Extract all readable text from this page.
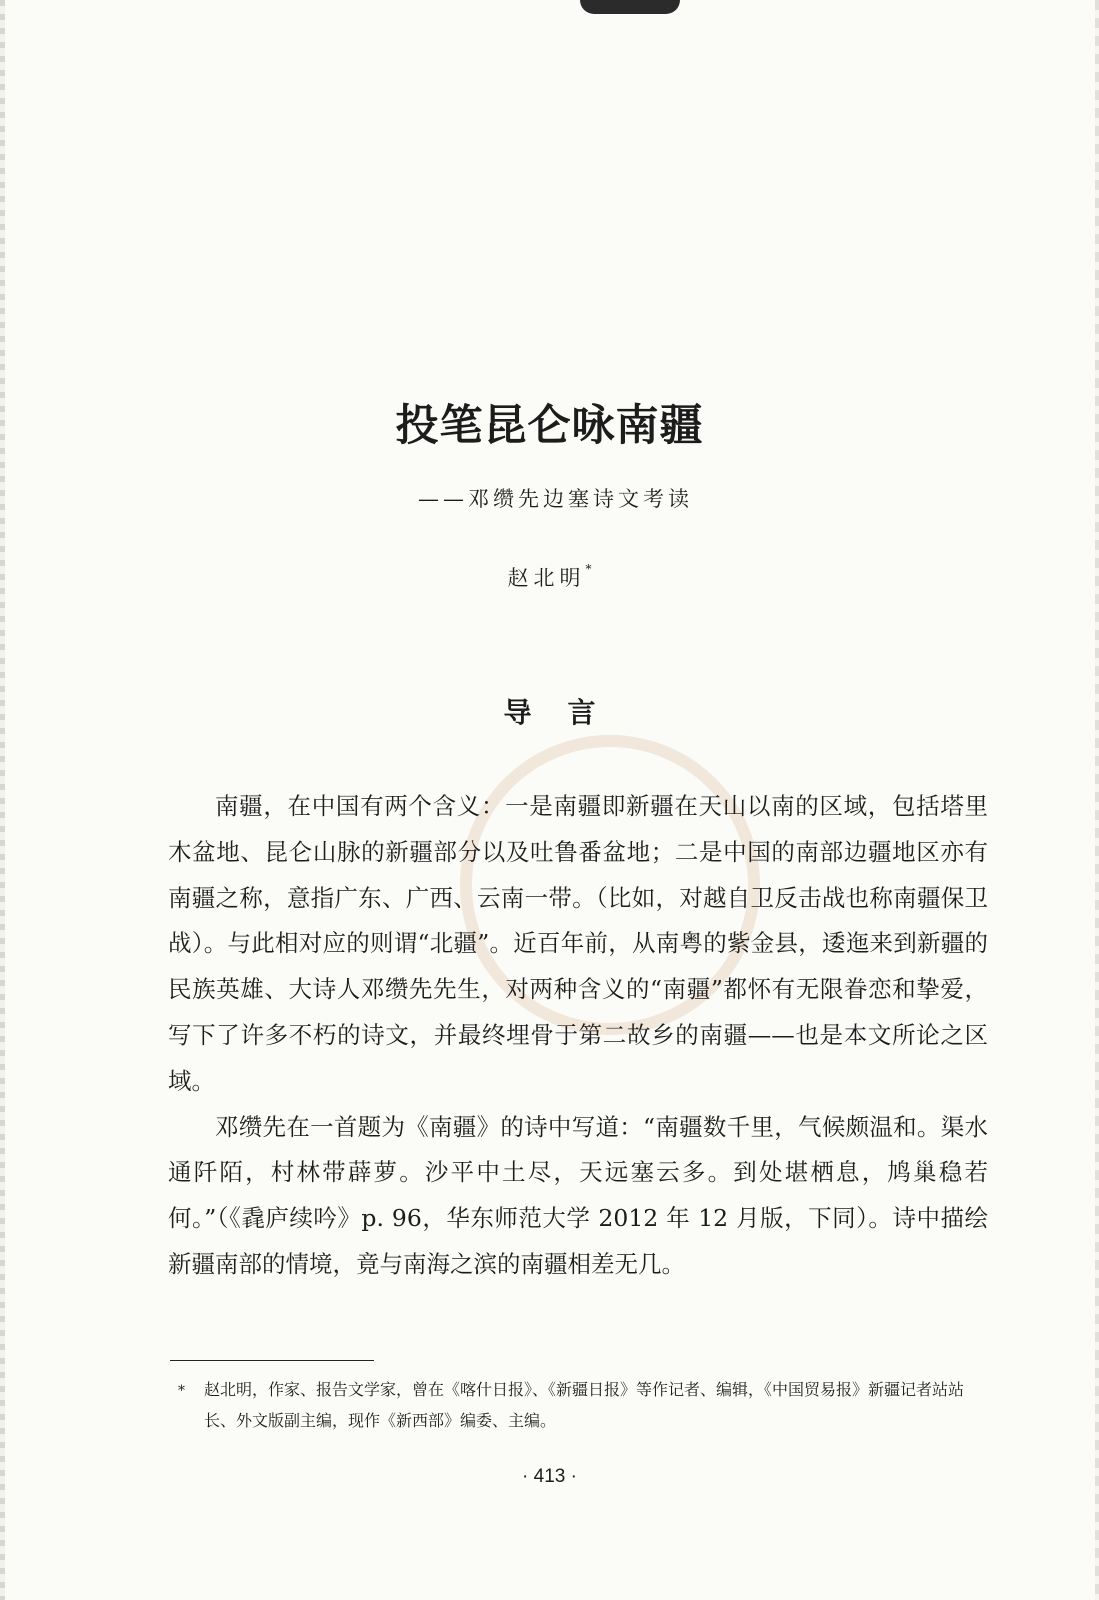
投笔昆仑咏南疆
——邓缵先边塞诗文考读
赵北明*
导 言

南疆，在中国有两个含义：一是南疆即新疆在天山以南的区域，包括塔里木盆地、昆仑山脉的新疆部分以及吐鲁番盆地；二是中国的南部边疆地区亦有南疆之称，意指广东、广西、云南一带。（比如，对越自卫反击战也称南疆保卫战）。与此相对应的则谓“北疆”。近百年前，从南粤的紫金县，逶迤来到新疆的民族英雄、大诗人邓缵先先生，对两种含义的“南疆”都怀有无限眷恋和挚爱，写下了许多不朽的诗文，并最终埋骨于第二故乡的南疆——也是本文所论之区域。

邓缵先在一首题为《南疆》的诗中写道：“南疆数千里，气候颇温和。渠水通阡陌，村林带薜萝。沙平中土尽，天远塞云多。到处堪栖息，鸠巢稳若何。”（《毳庐续吟》p. 96，华东师范大学 2012 年 12 月版，下同）。诗中描绘新疆南部的情境，竟与南海之滨的南疆相差无几。

* 赵北明，作家、报告文学家，曾在《喀什日报》、《新疆日报》等作记者、编辑，《中国贸易报》新疆记者站站长、外文版副主编，现作《新西部》编委、主编。
· 413 ·
